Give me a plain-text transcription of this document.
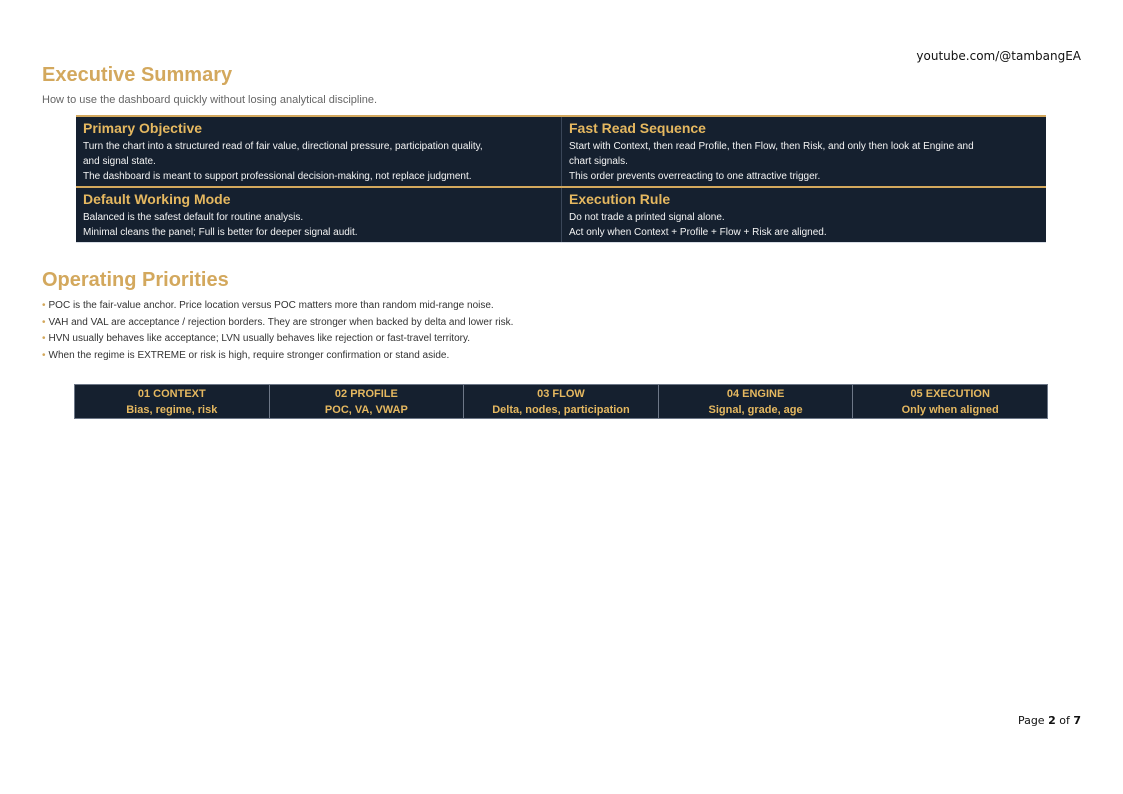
youtube.com/@tambangEA
Executive Summary
How to use the dashboard quickly without losing analytical discipline.
Primary Objective
Turn the chart into a structured read of fair value, directional pressure, participation quality,
and signal state.
The dashboard is meant to support professional decision-making, not replace judgment.
Fast Read Sequence
Start with Context, then read Profile, then Flow, then Risk, and only then look at Engine and
chart signals.
This order prevents overreacting to one attractive trigger.
Default Working Mode
Balanced is the safest default for routine analysis.
Minimal cleans the panel; Full is better for deeper signal audit.
Execution Rule
Do not trade a printed signal alone.
Act only when Context + Profile + Flow + Risk are aligned.
Operating Priorities
• POC is the fair-value anchor. Price location versus POC matters more than random mid-range noise.
• VAH and VAL are acceptance / rejection borders. They are stronger when backed by delta and lower risk.
• HVN usually behaves like acceptance; LVN usually behaves like rejection or fast-travel territory.
• When the regime is EXTREME or risk is high, require stronger confirmation or stand aside.
01 CONTEXT
Bias, regime, risk
02 PROFILE
POC, VA, VWAP
03 FLOW
Delta, nodes, participation
04 ENGINE
Signal, grade, age
05 EXECUTION
Only when aligned
Page 2 of 7
